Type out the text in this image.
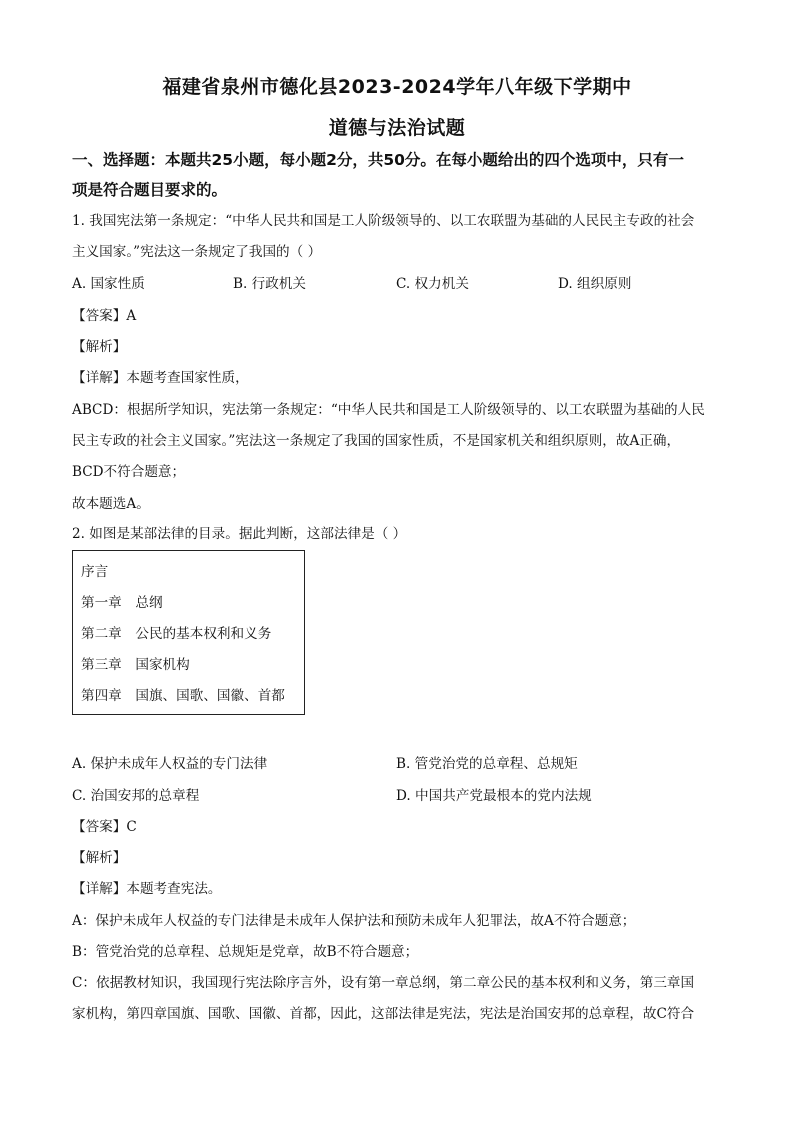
福建省泉州市德化县2023-2024学年八年级下学期中
道德与法治试题
一、选择题：本题共25小题，每小题2分，共50分。在每小题给出的四个选项中，只有一
项是符合题目要求的。
1. 我国宪法第一条规定：“中华人民共和国是工人阶级领导的、以工农联盟为基础的人民民主专政的社会
主义国家。”宪法这一条规定了我国的（ ）
A. 国家性质	B. 行政机关	C. 权力机关	D. 组织原则
【答案】A
【解析】
【详解】本题考查国家性质，
ABCD：根据所学知识，宪法第一条规定：“中华人民共和国是工人阶级领导的、以工农联盟为基础的人民
民主专政的社会主义国家。”宪法这一条规定了我国的国家性质，不是国家机关和组织原则，故A正确，
BCD不符合题意；
故本题选A。
2. 如图是某部法律的目录。据此判断，这部法律是（ ）
序言
第一章　总纲
第二章　公民的基本权利和义务
第三章　国家机构
第四章　国旗、国歌、国徽、首都
A. 保护未成年人权益的专门法律	B. 管党治党的总章程、总规矩
C. 治国安邦的总章程	D. 中国共产党最根本的党内法规
【答案】C
【解析】
【详解】本题考查宪法。
A：保护未成年人权益的专门法律是未成年人保护法和预防未成年人犯罪法，故A不符合题意；
B：管党治党的总章程、总规矩是党章，故B不符合题意；
C：依据教材知识，我国现行宪法除序言外，设有第一章总纲，第二章公民的基本权利和义务，第三章国
家机构，第四章国旗、国歌、国徽、首都，因此，这部法律是宪法，宪法是治国安邦的总章程，故C符合
